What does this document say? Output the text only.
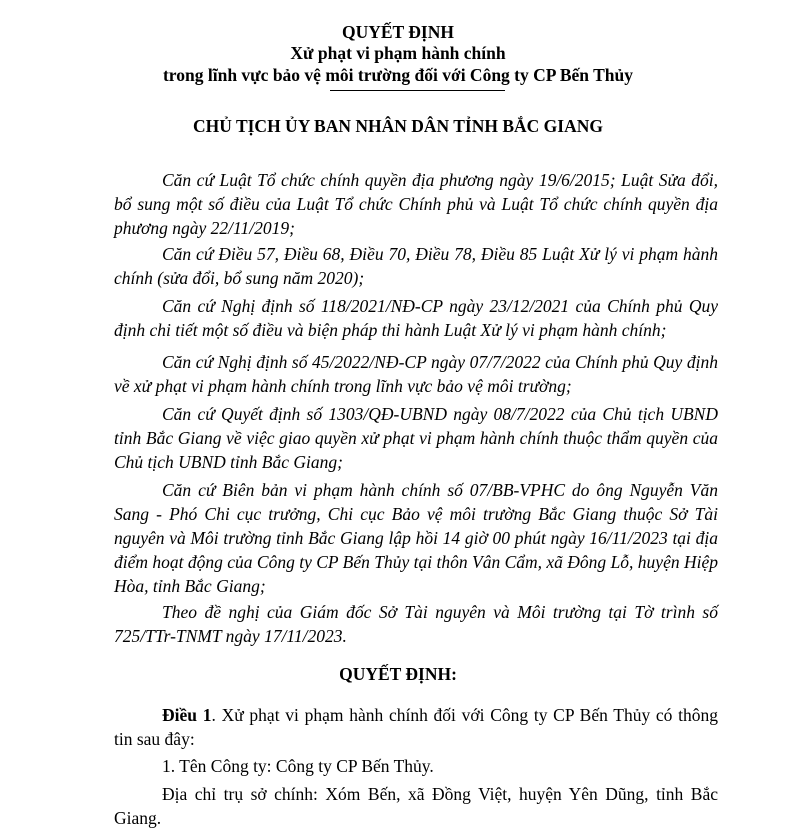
QUYẾT ĐỊNH
Xử phạt vi phạm hành chính
trong lĩnh vực bảo vệ môi trường đối với Công ty CP Bến Thủy
CHỦ TỊCH ỦY BAN NHÂN DÂN TỈNH BẮC GIANG

Căn cứ Luật Tổ chức chính quyền địa phương ngày 19/6/2015; Luật Sửa đổi, bổ sung một số điều của Luật Tổ chức Chính phủ và Luật Tổ chức chính quyền địa phương ngày 22/11/2019;

Căn cứ Điều 57, Điều 68, Điều 70, Điều 78, Điều 85 Luật Xử lý vi phạm hành chính (sửa đổi, bổ sung năm 2020);

Căn cứ Nghị định số 118/2021/NĐ-CP ngày 23/12/2021 của Chính phủ Quy định chi tiết một số điều và biện pháp thi hành Luật Xử lý vi phạm hành chính;

Căn cứ Nghị định số 45/2022/NĐ-CP ngày 07/7/2022 của Chính phủ Quy định về xử phạt vi phạm hành chính trong lĩnh vực bảo vệ môi trường;

Căn cứ Quyết định số 1303/QĐ-UBND ngày 08/7/2022 của Chủ tịch UBND tỉnh Bắc Giang về việc giao quyền xử phạt vi phạm hành chính thuộc thẩm quyền của Chủ tịch UBND tỉnh Bắc Giang;

Căn cứ Biên bản vi phạm hành chính số 07/BB-VPHC do ông Nguyễn Văn Sang - Phó Chi cục trưởng, Chi cục Bảo vệ môi trường Bắc Giang thuộc Sở Tài nguyên và Môi trường tỉnh Bắc Giang lập hồi 14 giờ 00 phút ngày 16/11/2023 tại địa điểm hoạt động của Công ty CP Bến Thủy tại thôn Vân Cẩm, xã Đông Lỗ, huyện Hiệp Hòa, tỉnh Bắc Giang;

Theo đề nghị của Giám đốc Sở Tài nguyên và Môi trường tại Tờ trình số 725/TTr-TNMT ngày 17/11/2023.

QUYẾT ĐỊNH:

Điều 1. Xử phạt vi phạm hành chính đối với Công ty CP Bến Thủy có thông tin sau đây:

1. Tên Công ty: Công ty CP Bến Thủy.

Địa chỉ trụ sở chính: Xóm Bến, xã Đồng Việt, huyện Yên Dũng, tỉnh Bắc Giang.
